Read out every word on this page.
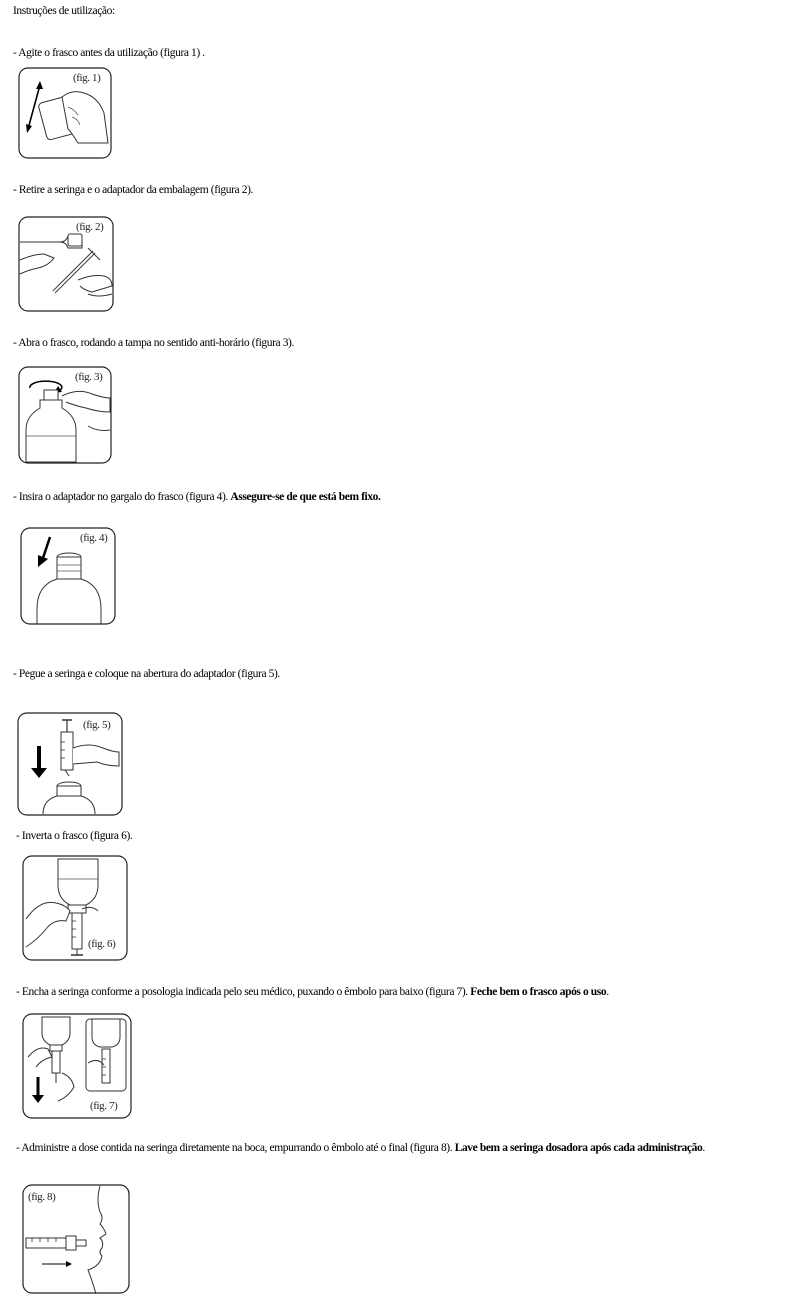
Instruções de utilização:
- Agite o frasco antes da utilização (figura 1) .
(fig. 1)
- Retire a seringa e o adaptador da embalagem (figura 2).
(fig. 2)
- Abra o frasco, rodando a tampa no sentido anti-horário (figura 3).
(fig. 3)
- Insira o adaptador no gargalo do frasco (figura 4). Assegure-se de que está bem fixo.
(fig. 4)
- Pegue a seringa e coloque na abertura do adaptador (figura 5).
(fig. 5)
- Inverta o frasco (figura 6).
(fig. 6)
- Encha a seringa conforme a posologia indicada pelo seu médico, puxando o êmbolo para baixo (figura 7). Feche bem o frasco após o uso.
(fig. 7)
- Administre a dose contida na seringa diretamente na boca, empurrando o êmbolo até o final (figura 8). Lave bem a seringa dosadora após cada administração.
(fig. 8)
